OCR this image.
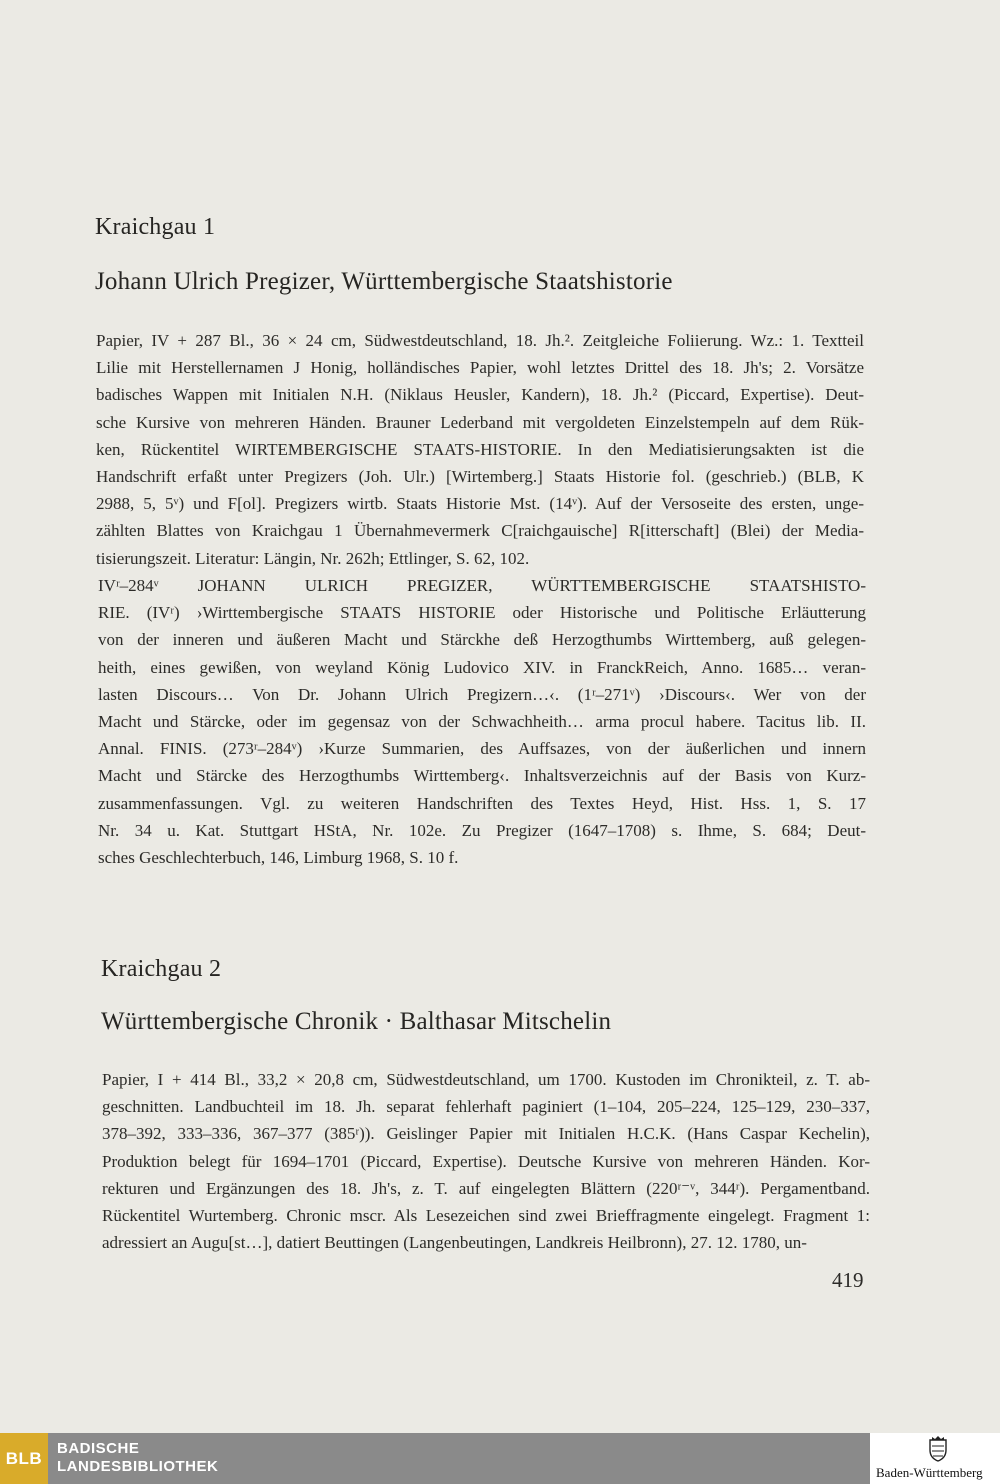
Kraichgau 1
Johann Ulrich Pregizer, Württembergische Staatshistorie
Papier, IV + 287 Bl., 36 × 24 cm, Südwestdeutschland, 18. Jh.². Zeitgleiche Foliierung. Wz.: 1. Textteil
Lilie mit Herstellernamen J Honig, holländisches Papier, wohl letztes Drittel des 18. Jh's; 2. Vorsätze
badisches Wappen mit Initialen N.H. (Niklaus Heusler, Kandern), 18. Jh.² (Piccard, Expertise). Deut-
sche Kursive von mehreren Händen. Brauner Lederband mit vergoldeten Einzelstempeln auf dem Rük-
ken, Rückentitel WIRTEMBERGISCHE STAATS-HISTORIE. In den Mediatisierungsakten ist die
Handschrift erfaßt unter Pregizers (Joh. Ulr.) [Wirtemberg.] Staats Historie fol. (geschrieb.) (BLB, K
2988, 5, 5ᵛ) und F[ol]. Pregizers wirtb. Staats Historie Mst. (14ᵛ). Auf der Versoseite des ersten, unge-
zählten Blattes von Kraichgau 1 Übernahmevermerk C[raichgauische] R[itterschaft] (Blei) der Media-
tisierungszeit. Literatur: Längin, Nr. 262h; Ettlinger, S. 62, 102.
IVʳ–284ᵛ JOHANN ULRICH PREGIZER, WÜRTTEMBERGISCHE STAATSHISTO-
RIE. (IVʳ) ›Wirttembergische STAATS HISTORIE oder Historische und Politische Erläutterung
von der inneren und äußeren Macht und Stärckhe deß Herzogthumbs Wirttemberg, auß gelegen-
heith, eines gewißen, von weyland König Ludovico XIV. in FranckReich, Anno. 1685… veran-
lasten Discours… Von Dr. Johann Ulrich Pregizern…‹. (1ʳ–271ᵛ) ›Discours‹. Wer von der
Macht und Stärcke, oder im gegensaz von der Schwachheith… arma procul habere. Tacitus lib. II.
Annal. FINIS. (273ʳ–284ᵛ) ›Kurze Summarien, des Auffsazes, von der äußerlichen und innern
Macht und Stärcke des Herzogthumbs Wirttemberg‹. Inhaltsverzeichnis auf der Basis von Kurz-
zusammenfassungen. Vgl. zu weiteren Handschriften des Textes Heyd, Hist. Hss. 1, S. 17
Nr. 34 u. Kat. Stuttgart HStA, Nr. 102e. Zu Pregizer (1647–1708) s. Ihme, S. 684; Deut-
sches Geschlechterbuch, 146, Limburg 1968, S. 10 f.
Kraichgau 2
Württembergische Chronik · Balthasar Mitschelin
Papier, I + 414 Bl., 33,2 × 20,8 cm, Südwestdeutschland, um 1700. Kustoden im Chronikteil, z. T. ab-
geschnitten. Landbuchteil im 18. Jh. separat fehlerhaft paginiert (1–104, 205–224, 125–129, 230–337,
378–392, 333–336, 367–377 (385ʳ)). Geislinger Papier mit Initialen H.C.K. (Hans Caspar Kechelin),
Produktion belegt für 1694–1701 (Piccard, Expertise). Deutsche Kursive von mehreren Händen. Kor-
rekturen und Ergänzungen des 18. Jh's, z. T. auf eingelegten Blättern (220ʳ⁻ᵛ, 344ʳ). Pergamentband.
Rückentitel Wurtemberg. Chronic mscr. Als Lesezeichen sind zwei Brieffragmente eingelegt. Fragment 1:
adressiert an Augu[st…], datiert Beuttingen (Langenbeutingen, Landkreis Heilbronn), 27. 12. 1780, un-
419
BLB BADISCHE
LANDESBIBLIOTHEK	Baden-Württemberg
